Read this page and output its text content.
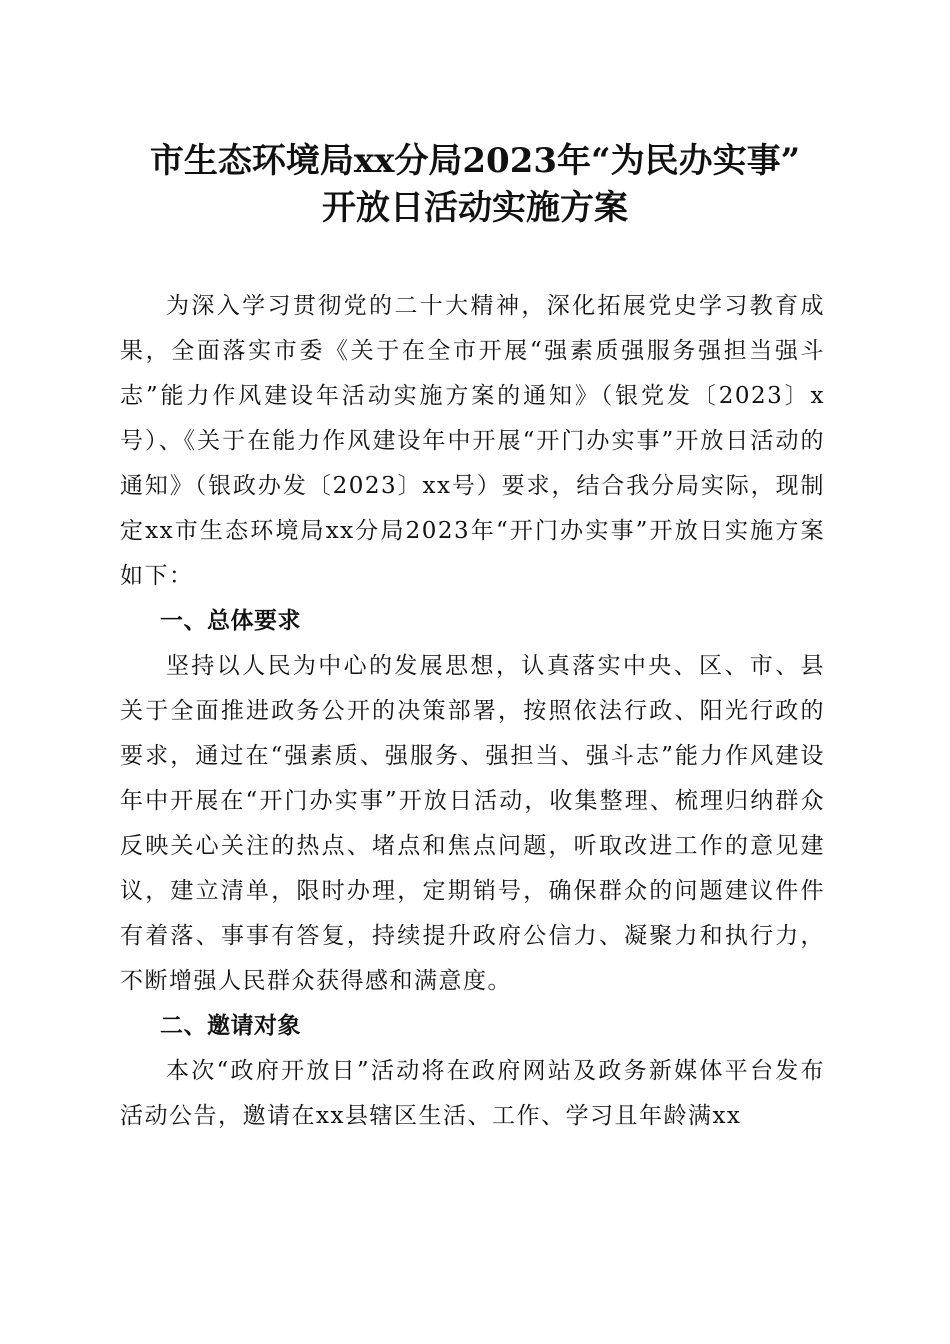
市生态环境局xx分局2023年“为民办实事”
开放日活动实施方案

为深入学习贯彻党的二十大精神，深化拓展党史学习教育成果，全面落实市委《关于在全市开展“强素质强服务强担当强斗志”能力作风建设年活动实施方案的通知》（银党发〔2023〕x号）、《关于在能力作风建设年中开展“开门办实事”开放日活动的通知》（银政办发〔2023〕xx号）要求，结合我分局实际，现制定xx市生态环境局xx分局2023年“开门办实事”开放日实施方案如下：

一、总体要求

坚持以人民为中心的发展思想，认真落实中央、区、市、县关于全面推进政务公开的决策部署，按照依法行政、阳光行政的要求，通过在“强素质、强服务、强担当、强斗志”能力作风建设年中开展在“开门办实事”开放日活动，收集整理、梳理归纳群众反映关心关注的热点、堵点和焦点问题，听取改进工作的意见建议，建立清单，限时办理，定期销号，确保群众的问题建议件件有着落、事事有答复，持续提升政府公信力、凝聚力和执行力，不断增强人民群众获得感和满意度。

二、邀请对象

本次“政府开放日”活动将在政府网站及政务新媒体平台发布活动公告，邀请在xx县辖区生活、工作、学习且年龄满xx
